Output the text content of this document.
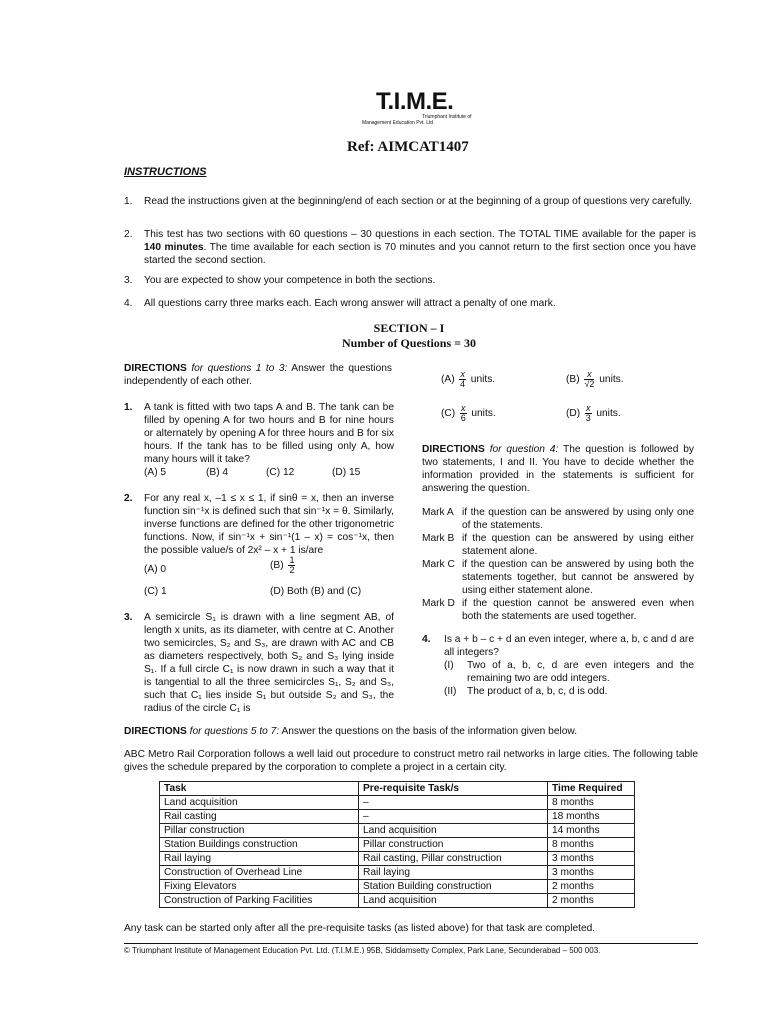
T.I.M.E.
Triumphant Institute of
Management Education Pvt. Ltd
Ref: AIMCAT1407
INSTRUCTIONS
1. Read the instructions given at the beginning/end of each section or at the beginning of a group of questions very carefully.
2. This test has two sections with 60 questions – 30 questions in each section. The TOTAL TIME available for the paper is 140 minutes. The time available for each section is 70 minutes and you cannot return to the first section once you have started the second section.
3. You are expected to show your competence in both the sections.
4. All questions carry three marks each. Each wrong answer will attract a penalty of one mark.
SECTION – I
Number of Questions = 30
DIRECTIONS for questions 1 to 3: Answer the questions independently of each other.
1. A tank is fitted with two taps A and B. The tank can be filled by opening A for two hours and B for nine hours or alternately by opening A for three hours and B for six hours. If the tank has to be filled using only A, how many hours will it take?
(A) 5	(B) 4	(C) 12	(D) 15
2. For any real x, –1 ≤ x ≤ 1, if sinθ = x, then an inverse function sin⁻¹x is defined such that sin⁻¹x = θ. Similarly, inverse functions are defined for the other trigonometric functions. Now, if sin⁻¹x + sin⁻¹(1 – x) = cos⁻¹x, then the possible value/s of 2x² – x + 1 is/are
(A) 0	$(B) \frac{1}{2}$
(C) 1	(D) Both (B) and (C)
3. A semicircle S₁ is drawn with a line segment AB, of length x units, as its diameter, with centre at C. Another two semicircles, S₂ and S₃, are drawn with AC and CB as diameters respectively, both S₂ and S₃ lying inside S₁. If a full circle C₁ is now drawn in such a way that it is tangential to all the three semicircles S₁, S₂ and S₃, such that C₁ lies inside S₁ but outside S₂ and S₃, the radius of the circle C₁ is
$(A) \frac{x}{4}$ units.	$(B) \frac{x}{√2}$ units.
$(C) \frac{x}{6}$ units.	$(D) \frac{x}{3}$ units.
DIRECTIONS for question 4: The question is followed by two statements, I and II. You have to decide whether the information provided in the statements is sufficient for answering the question.
Mark A if the question can be answered by using only one of the statements.
Mark B if the question can be answered by using either statement alone.
Mark C if the question can be answered by using both the statements together, but cannot be answered by using either statement alone.
Mark D if the question cannot be answered even when both the statements are used together.
4. Is a + b – c + d an even integer, where a, b, c and d are all integers?
(I) Two of a, b, c, d are even integers and the remaining two are odd integers.
(II) The product of a, b, c, d is odd.
DIRECTIONS for questions 5 to 7: Answer the questions on the basis of the information given below.
ABC Metro Rail Corporation follows a well laid out procedure to construct metro rail networks in large cities. The following table gives the schedule prepared by the corporation to complete a project in a certain city.
Task	Pre-requisite Task/s	Time Required
Land acquisition	–	8 months
Rail casting	–	18 months
Pillar construction	Land acquisition	14 months
Station Buildings construction	Pillar construction	8 months
Rail laying	Rail casting, Pillar construction	3 months
Construction of Overhead Line	Rail laying	3 months
Fixing Elevators	Station Building construction	2 months
Construction of Parking Facilities	Land acquisition	2 months
Any task can be started only after all the pre-requisite tasks (as listed above) for that task are completed.
© Triumphant Institute of Management Education Pvt. Ltd. (T.I.M.E.) 95B, Siddamsetty Complex, Park Lane, Secunderabad – 500 003.
